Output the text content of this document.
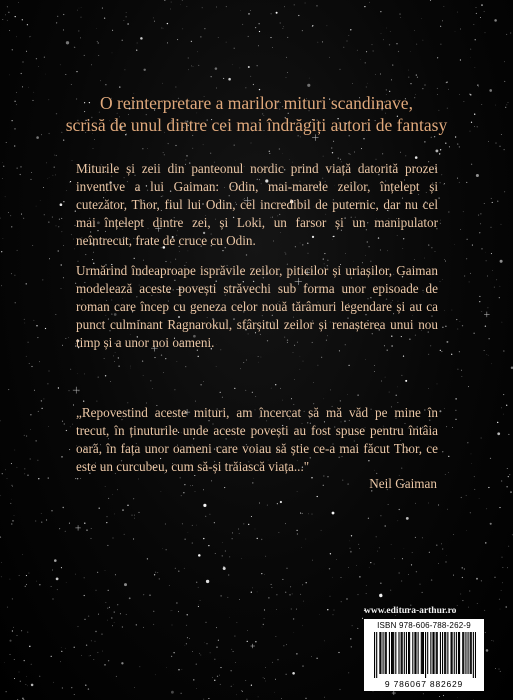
O reinterpretare a marilor mituri scandinave,
scrisă de unul dintre cei mai îndrăgiți autori de fantasy

Miturile și zeii din panteonul nordic prind viață datorită prozei inventive a lui Gaiman: Odin, mai-marele zeilor, înțelept și cutezător, Thor, fiul lui Odin, cel incredibil de puternic, dar nu cel mai înțelept dintre zei, și Loki, un farsor și un manipulator neîntrecut, frate de cruce cu Odin.

Urmărind îndeaproape isprăvile zeilor, piticilor și uriașilor, Gaiman modelează aceste povești străvechi sub forma unor episoade de roman care încep cu geneza celor nouă tărâmuri legendare și au ca punct culminant Ragnarokul, sfârșitul zeilor și renașterea unui nou timp și a unor noi oameni.

„Repovestind aceste mituri, am încercat să mă văd pe mine în trecut, în ținuturile unde aceste povești au fost spuse pentru întâia oară, în fața unor oameni care voiau să știe ce-a mai făcut Thor, ce este un curcubeu, cum să-și trăiască viața..."

Neil Gaiman
www.editura-arthur.ro
ISBN 978-606-788-262-9
9 786067 882629
